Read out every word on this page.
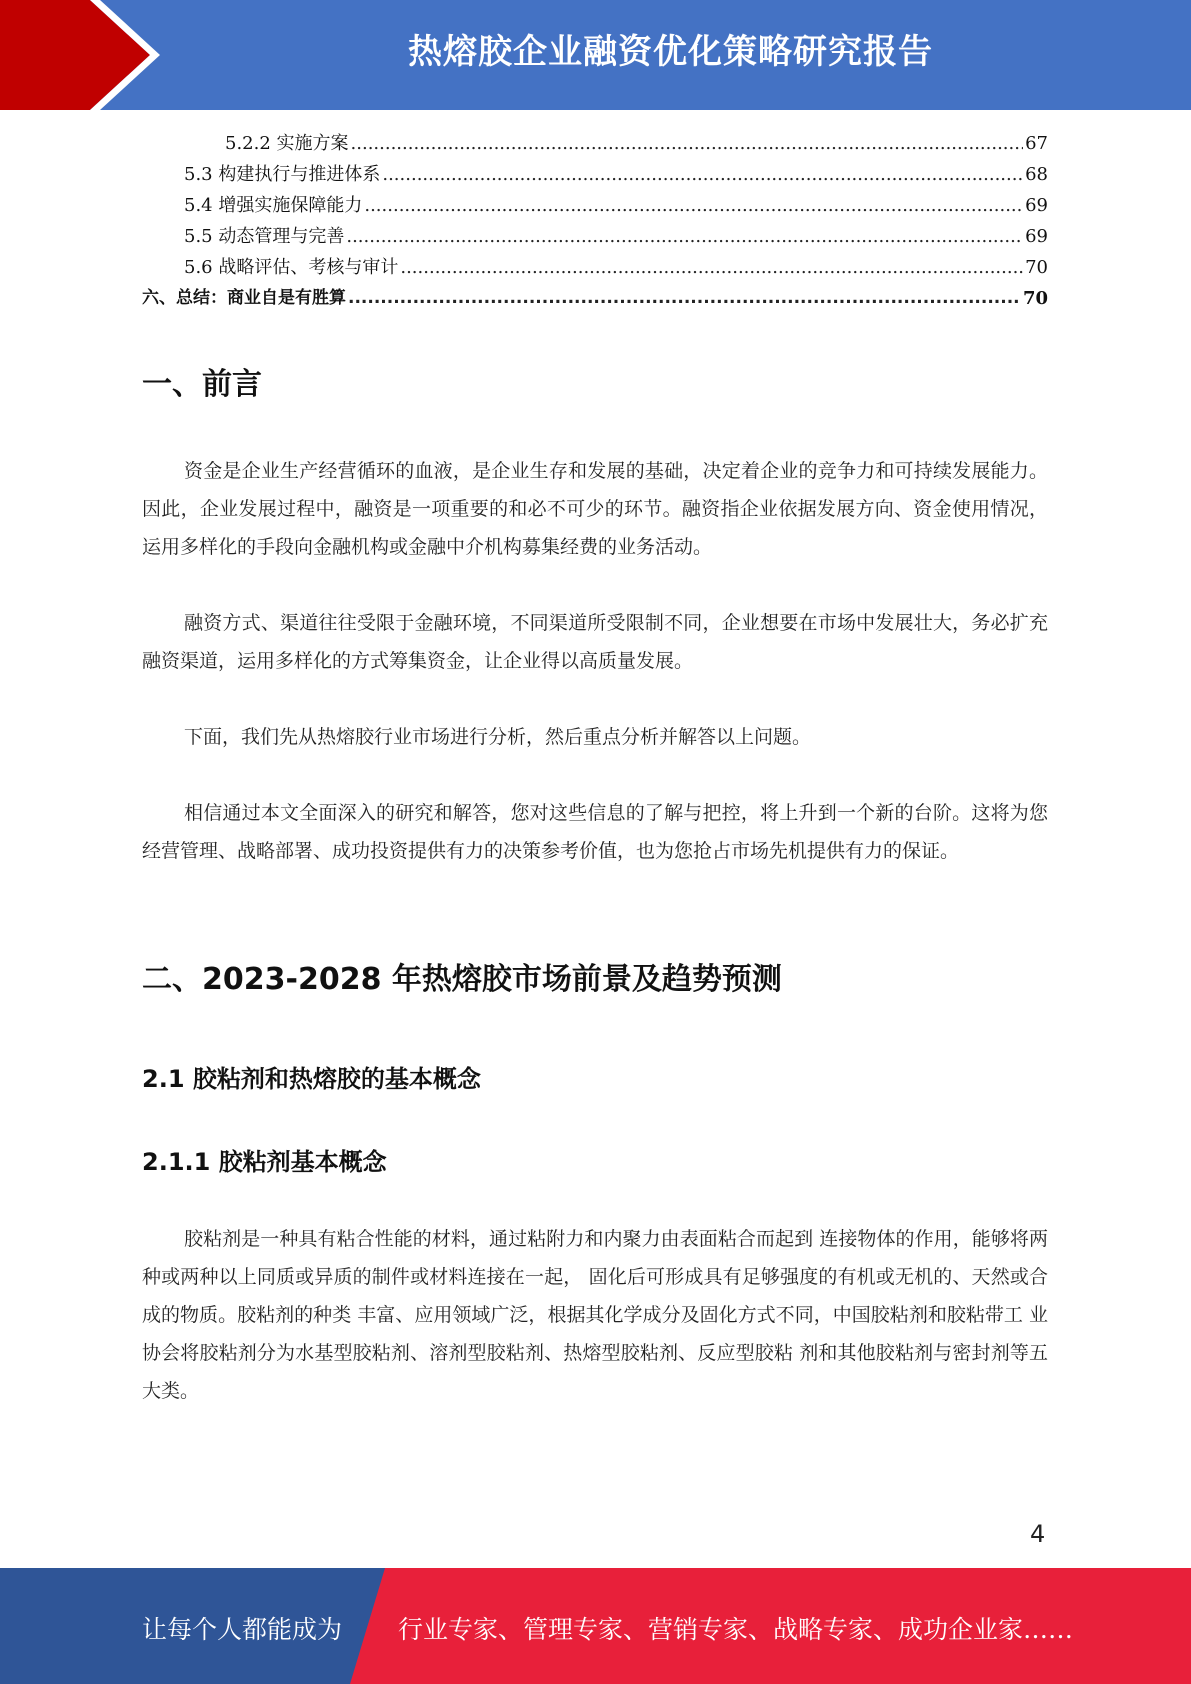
热熔胶企业融资优化策略研究报告
5.2.2 实施方案 .....	67
5.3 构建执行与推进体系 .....	68
5.4 增强实施保障能力 .....	69
5.5 动态管理与完善 .....	69
5.6 战略评估、考核与审计 .....	70
六、总结：商业自是有胜算 .....	70
一、前言

资金是企业生产经营循环的血液，是企业生存和发展的基础，决定着企业的竞争力和可持续发展能力。因此，企业发展过程中，融资是一项重要的和必不可少的环节。融资指企业依据发展方向、资金使用情况，运用多样化的手段向金融机构或金融中介机构募集经费的业务活动。

融资方式、渠道往往受限于金融环境，不同渠道所受限制不同，企业想要在市场中发展壮大，务必扩充融资渠道，运用多样化的方式筹集资金，让企业得以高质量发展。

下面，我们先从热熔胶行业市场进行分析，然后重点分析并解答以上问题。

相信通过本文全面深入的研究和解答，您对这些信息的了解与把控，将上升到一个新的台阶。这将为您经营管理、战略部署、成功投资提供有力的决策参考价值，也为您抢占市场先机提供有力的保证。

二、2023-2028 年热熔胶市场前景及趋势预测
2.1 胶粘剂和热熔胶的基本概念
2.1.1 胶粘剂基本概念

胶粘剂是一种具有粘合性能的材料，通过粘附力和内聚力由表面粘合而起到 连接物体的作用，能够将两种或两种以上同质或异质的制件或材料连接在一起， 固化后可形成具有足够强度的有机或无机的、天然或合成的物质。胶粘剂的种类 丰富、应用领域广泛，根据其化学成分及固化方式不同，中国胶粘剂和胶粘带工 业协会将胶粘剂分为水基型胶粘剂、溶剂型胶粘剂、热熔型胶粘剂、反应型胶粘 剂和其他胶粘剂与密封剂等五大类。

4
让每个人都能成为 行业专家、管理专家、营销专家、战略专家、成功企业家……
